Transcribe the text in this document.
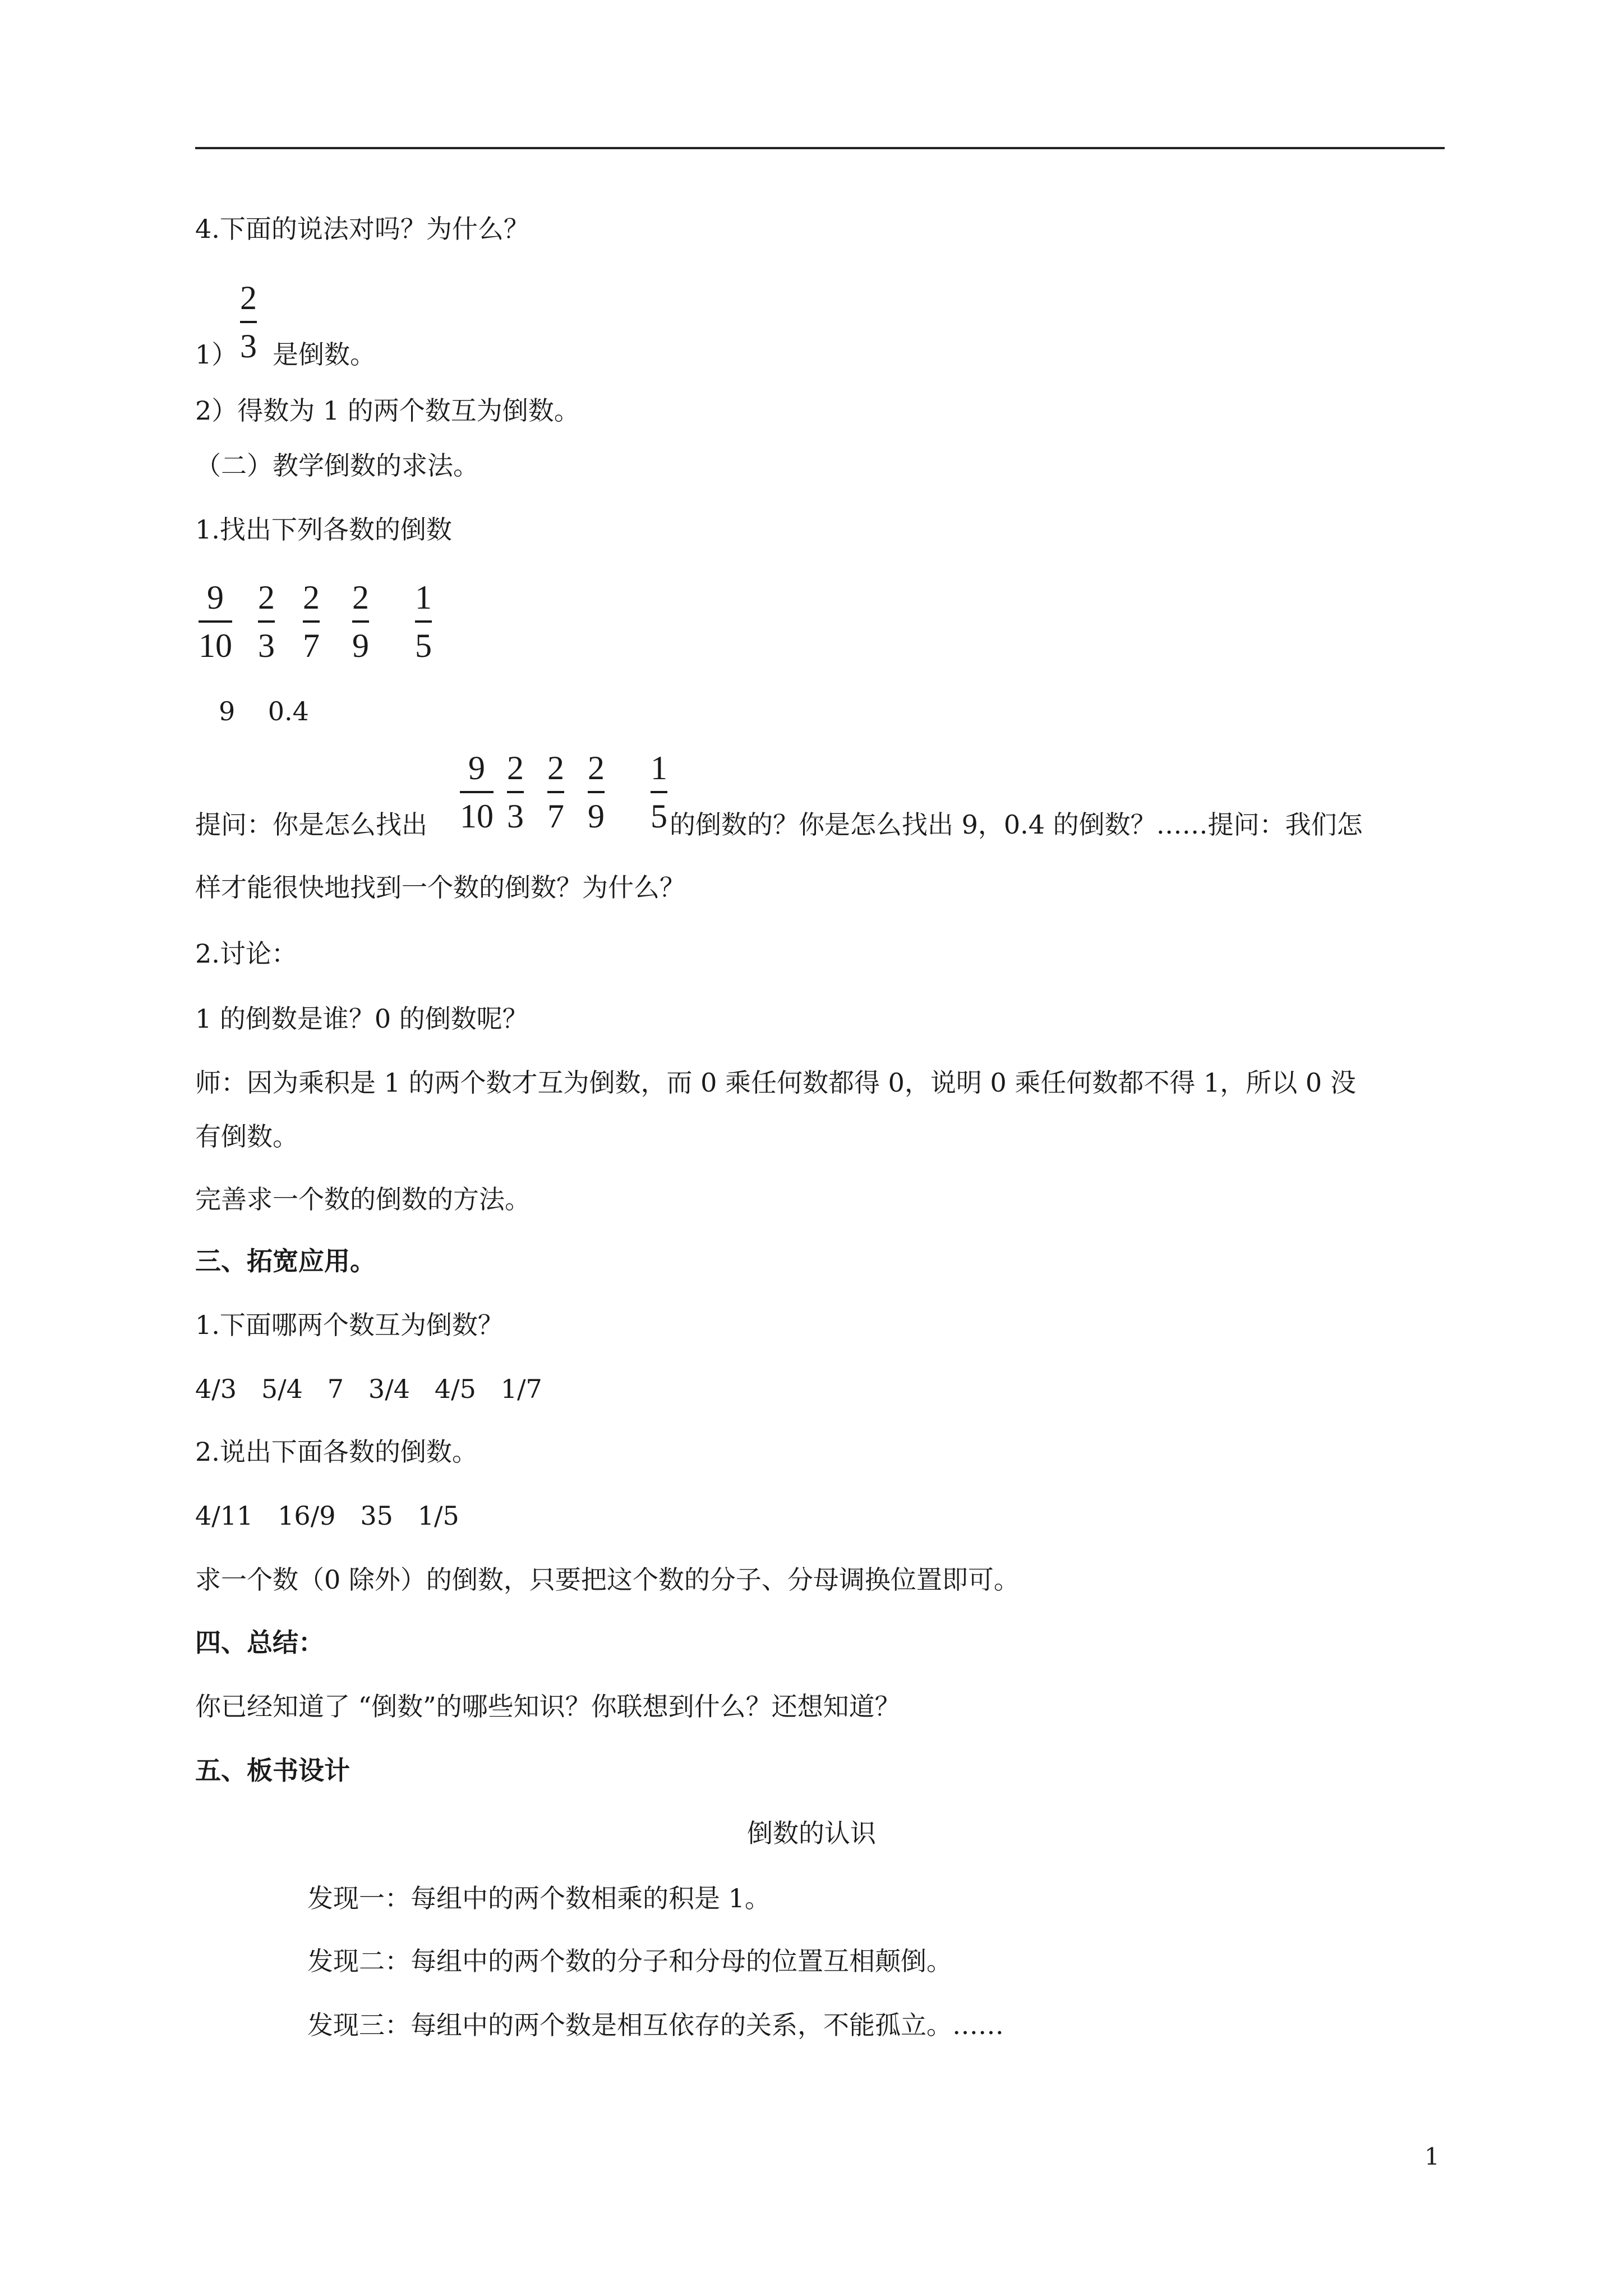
4.下面的说法对吗？为什么？
2
3
1） 是倒数。
2）得数为 1 的两个数互为倒数。
（二）教学倒数的求法。
1.找出下列各数的倒数
9
10
2
3
2
7
2
9
1
5
9    0.4
9
10
2
3
2
7
2
9
1
5
提问：你是怎么找出	的倒数的？你是怎么找出 9，0.4 的倒数？……提问：我们怎
样才能很快地找到一个数的倒数？为什么？
2.讨论：
1 的倒数是谁？0 的倒数呢？
师：因为乘积是 1 的两个数才互为倒数，而 0 乘任何数都得 0，说明 0 乘任何数都不得 1，所以 0 没
有倒数。
完善求一个数的倒数的方法。
三、拓宽应用。
1.下面哪两个数互为倒数？
4/3   5/4   7   3/4   4/5   1/7
2.说出下面各数的倒数。
4/11   16/9   35   1/5
求一个数（0 除外）的倒数，只要把这个数的分子、分母调换位置即可。
四、总结：
你已经知道了 “倒数”的哪些知识？你联想到什么？还想知道？
五、板书设计
倒数的认识
发现一：每组中的两个数相乘的积是 1。
发现二：每组中的两个数的分子和分母的位置互相颠倒。
发现三：每组中的两个数是相互依存的关系，不能孤立。……
1
